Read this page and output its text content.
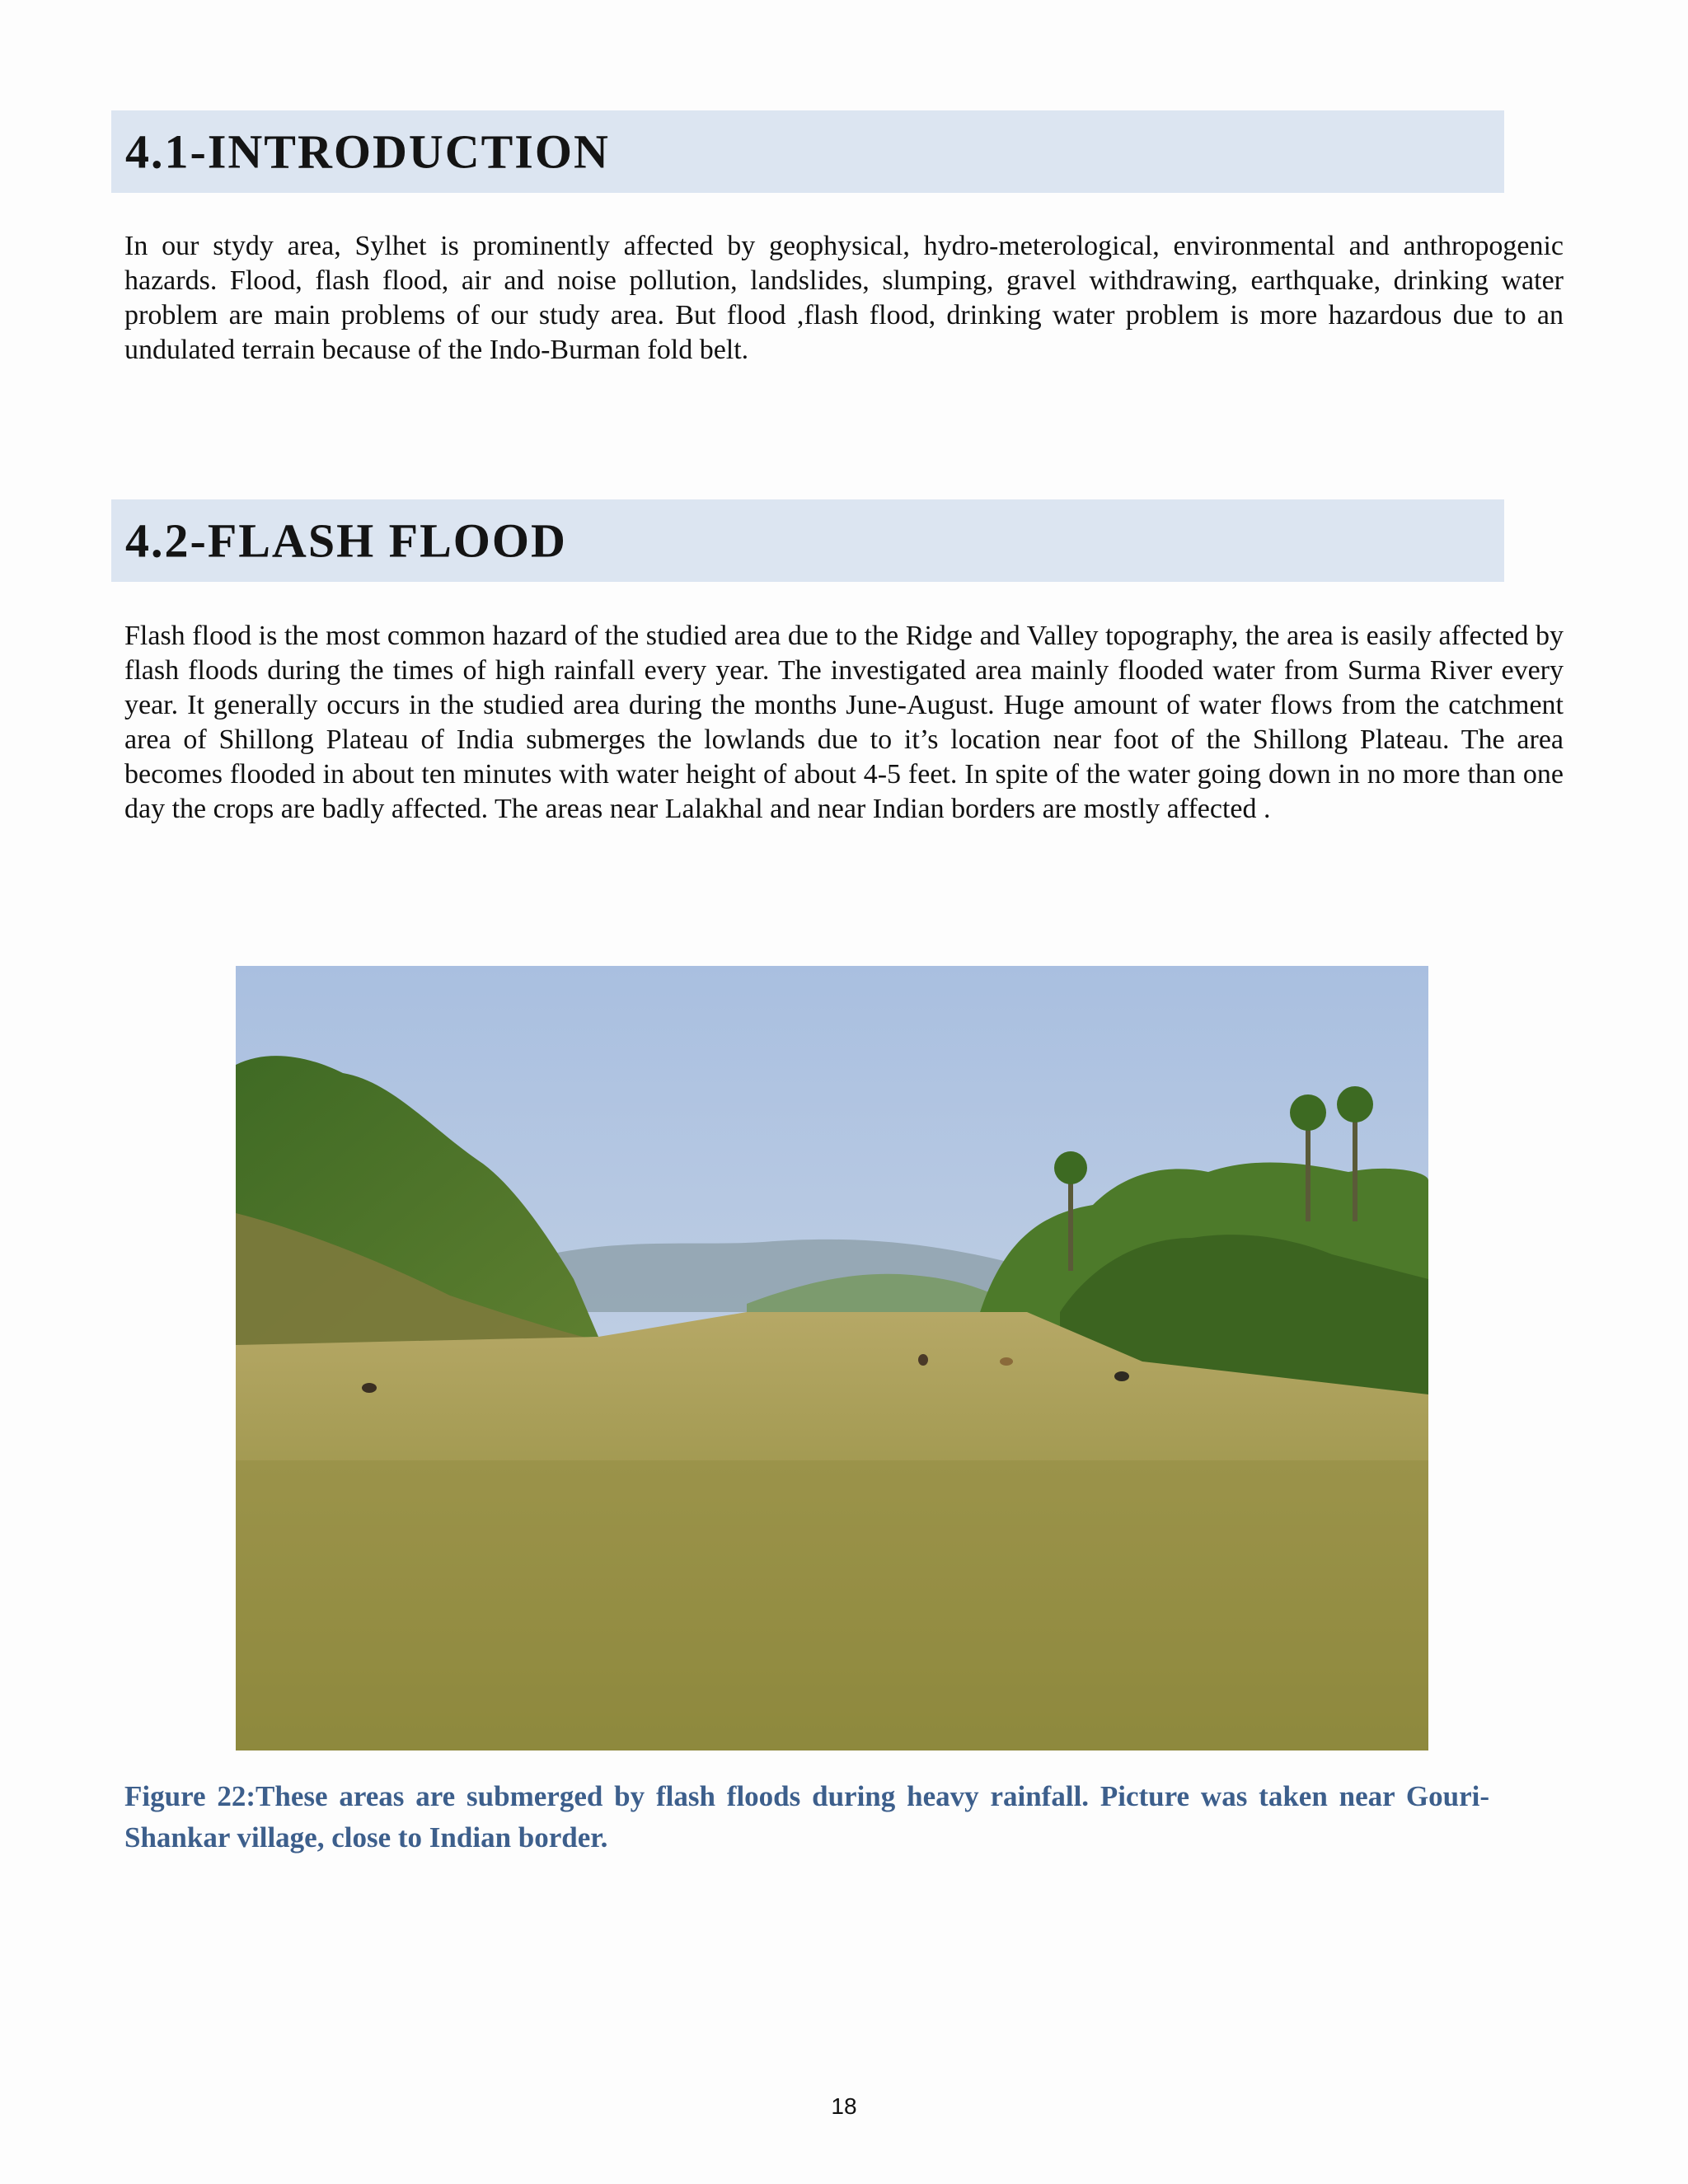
4.1-INTRODUCTION

In our stydy area, Sylhet is prominently affected by geophysical, hydro-meterological, environmental and anthropogenic hazards. Flood, flash flood, air and noise pollution, landslides, slumping, gravel withdrawing, earthquake, drinking water problem are main problems of our study area. But flood ,flash flood, drinking water problem is more hazardous due to an undulated terrain because of the Indo-Burman fold belt.

4.2-FLASH FLOOD

Flash flood is the most common hazard of the studied area due to the Ridge and Valley topography, the area is easily affected by flash floods during the times of high rainfall every year. The investigated area mainly flooded water from Surma River every year. It generally occurs in the studied area during the months June-August. Huge amount of water flows from the catchment area of Shillong Plateau of India submerges the lowlands due to it’s location near foot of the Shillong Plateau. The area becomes flooded in about ten minutes with water height of about 4-5 feet. In spite of the water going down in no more than one day the crops are badly affected. The areas near Lalakhal and near Indian borders are mostly affected .

Figure 22:These areas are submerged by flash floods during heavy rainfall. Picture was taken near Gouri-Shankar village, close to Indian border.

18
